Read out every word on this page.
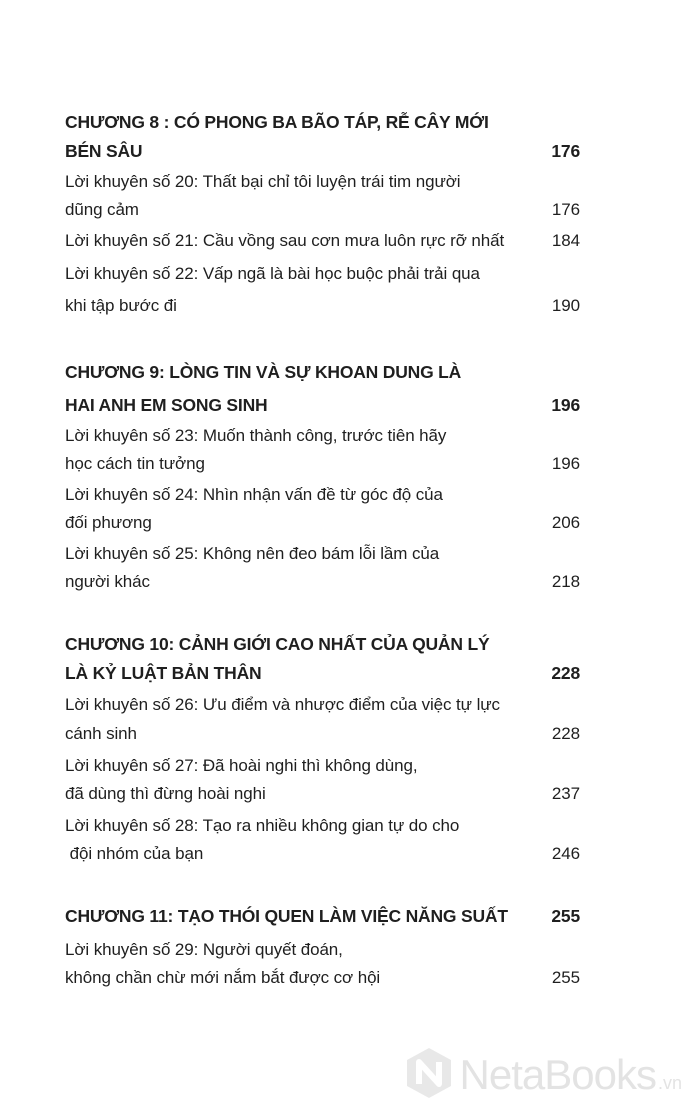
CHƯƠNG 8 : CÓ PHONG BA BÃO TÁP, RỄ CÂY MỚI
BÉN SÂU	176
Lời khuyên số 20: Thất bại chỉ tôi luyện trái tim người
dũng cảm	176
Lời khuyên số 21: Cầu vồng sau cơn mưa luôn rực rỡ nhất	184
Lời khuyên số 22: Vấp ngã là bài học buộc phải trải qua
khi tập bước đi	190
CHƯƠNG 9: LÒNG TIN VÀ SỰ KHOAN DUNG LÀ
HAI ANH EM SONG SINH	196
Lời khuyên số 23: Muốn thành công, trước tiên hãy
học cách tin tưởng	196
Lời khuyên số 24: Nhìn nhận vấn đề từ góc độ của
đối phương	206
Lời khuyên số 25: Không nên đeo bám lỗi lầm của
người khác	218
CHƯƠNG 10: CẢNH GIỚI CAO NHẤT CỦA QUẢN LÝ
LÀ KỶ LUẬT BẢN THÂN	228
Lời khuyên số 26: Ưu điểm và nhược điểm của việc tự lực
cánh sinh	228
Lời khuyên số 27: Đã hoài nghi thì không dùng,
đã dùng thì đừng hoài nghi	237
Lời khuyên số 28: Tạo ra nhiều không gian tự do cho
đội nhóm của bạn	246
CHƯƠNG 11: TẠO THÓI QUEN LÀM VIỆC NĂNG SUẤT 255
Lời khuyên số 29: Người quyết đoán,
không chần chừ mới nắm bắt được cơ hội	255
NetaBooks .vn
